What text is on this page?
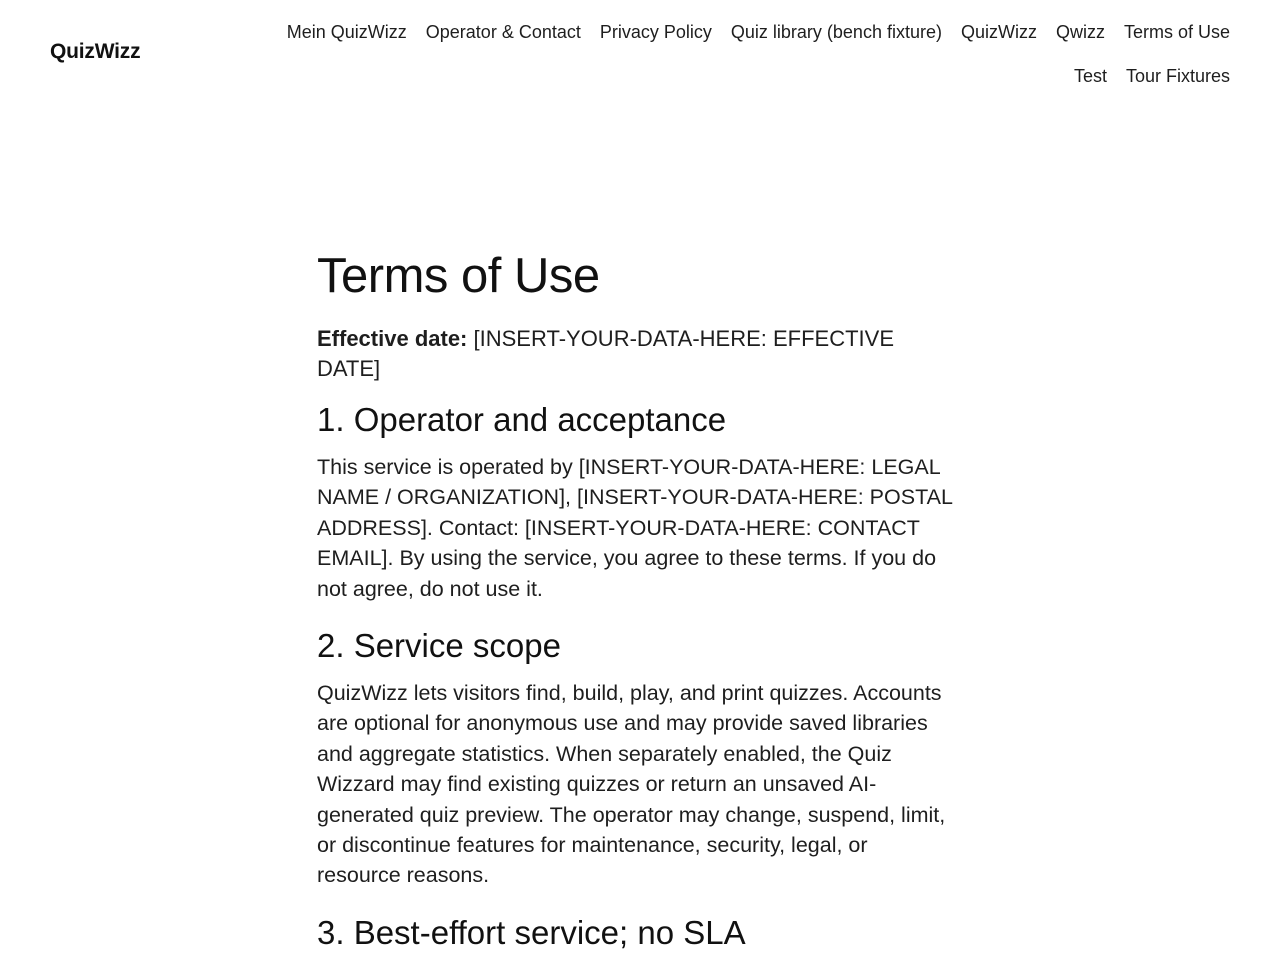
QuizWizz
Mein QuizWizz Operator & Contact Privacy Policy Quiz library (bench fixture) QuizWizz Qwizz Terms of Use
Test Tour Fixtures
Terms of Use

Effective date: [INSERT-YOUR-DATA-HERE: EFFECTIVE DATE]

1. Operator and acceptance

This service is operated by [INSERT-YOUR-DATA-HERE: LEGAL NAME / ORGANIZATION], [INSERT-YOUR-DATA-HERE: POSTAL ADDRESS]. Contact: [INSERT-YOUR-DATA-HERE: CONTACT EMAIL]. By using the service, you agree to these terms. If you do not agree, do not use it.

2. Service scope

QuizWizz lets visitors find, build, play, and print quizzes. Accounts are optional for anonymous use and may provide saved libraries and aggregate statistics. When separately enabled, the Quiz Wizzard may find existing quizzes or return an unsaved AI-generated quiz preview. The operator may change, suspend, limit, or discontinue features for maintenance, security, legal, or resource reasons.

3. Best-effort service; no SLA
